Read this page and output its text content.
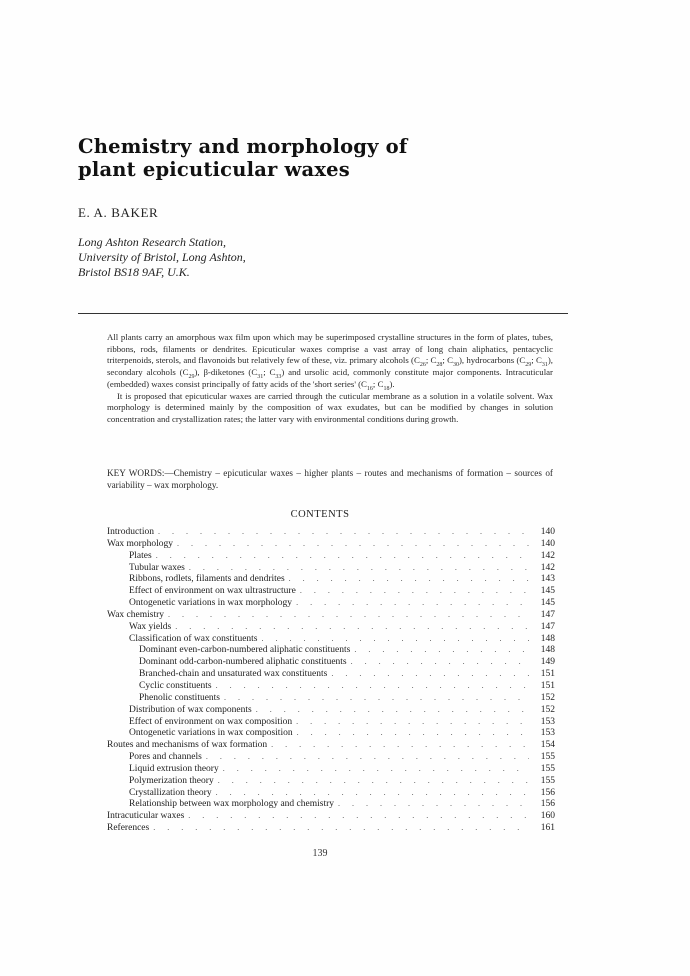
Chemistry and morphology of
plant epicuticular waxes
E. A. BAKER
Long Ashton Research Station,
University of Bristol, Long Ashton,
Bristol BS18 9AF, U.K.

All plants carry an amorphous wax film upon which may be superimposed crystalline structures in the form of plates, tubes, ribbons, rods, filaments or dendrites. Epicuticular waxes comprise a vast array of long chain aliphatics, pentacyclic triterpenoids, sterols, and flavonoids but relatively few of these, viz. primary alcohols ($C_{26}$; $C_{28}$; $C_{30}$), hydrocarbons ($C_{29}$; $C_{31}$), secondary alcohols $(C_{29})$, β-diketones ($C_{31}$; $C_{33}$) and ursolic acid, commonly constitute major components. Intracuticular (embedded) waxes consist principally of fatty acids of the 'short series' ($C_{16}$; $C_{18}$).

It is proposed that epicuticular waxes are carried through the cuticular membrane as a solution in a volatile solvent. Wax morphology is determined mainly by the composition of wax exudates, but can be modified by changes in solution concentration and crystallization rates; the latter vary with environmental conditions during growth.

KEY WORDS:—Chemistry – epicuticular waxes – higher plants – routes and mechanisms of formation – sources of variability – wax morphology.
CONTENTS
Introduction . . .	140
Wax morphology . . .	140
Plates . . .	142
Tubular waxes . . .	142
Ribbons, rodlets, filaments and dendrites . . .	143
Effect of environment on wax ultrastructure . . .	145
Ontogenetic variations in wax morphology . . .	145
Wax chemistry . . .	147
Wax yields . . .	147
Classification of wax constituents . . .	148
Dominant even-carbon-numbered aliphatic constituents . . .	148
Dominant odd-carbon-numbered aliphatic constituents . . .	149
Branched-chain and unsaturated wax constituents . . .	151
Cyclic constituents . . .	151
Phenolic constituents . . .	152
Distribution of wax components . . .	152
Effect of environment on wax composition . . .	153
Ontogenetic variations in wax composition . . .	153
Routes and mechanisms of wax formation . . .	154
Pores and channels . . .	155
Liquid extrusion theory . . .	155
Polymerization theory . . .	155
Crystallization theory . . .	156
Relationship between wax morphology and chemistry . . .	156
Intracuticular waxes . . .	160
References . . .	161
139
